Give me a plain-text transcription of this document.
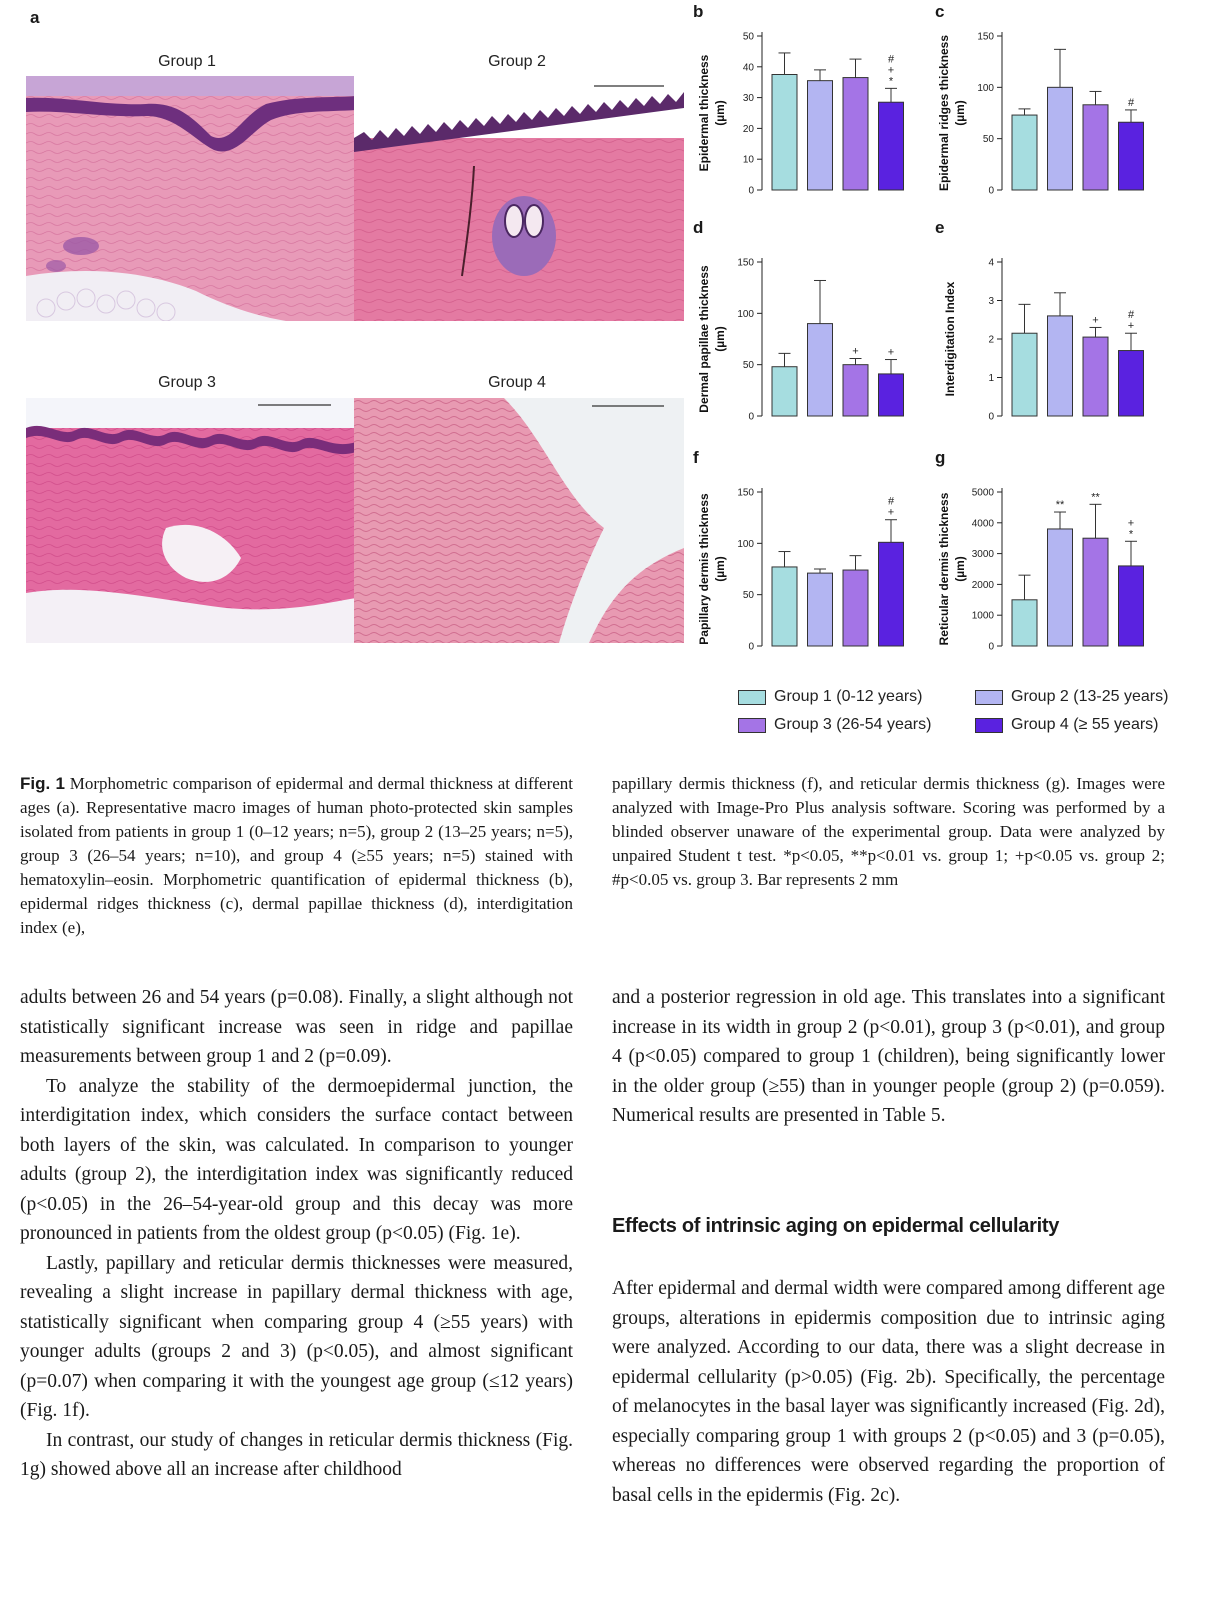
a
Group 1	Group 2
Group 3	Group 4
b
Epidermal thickness (µm)
0
10
20
30
40
50
*
+
#
c
Epidermal ridges thickness (µm)
0
50
100
150
#
d
Dermal papillae thickness (µm)
0
50
100
150
+	+
e
Interdigitation Index
0
1
2
3
4
+	+
#
f
Papillary dermis thickness (µm)
0
50
100
150
+
#
g
Reticular dermis thickness (µm)
0
1000
2000
3000
4000
5000
**
**
*
+
Group 1 (0-12 years)	Group 2 (13-25 years)
Group 3 (26-54 years)	Group 4 (≥ 55 years)
Fig. 1 Morphometric comparison of epidermal and dermal thickness at different ages (a). Representative macro images of human photo-protected skin samples isolated from patients in group 1 (0–12 years; n=5), group 2 (13–25 years; n=5), group 3 (26–54 years; n=10), and group 4 (≥55 years; n=5) stained with hematoxylin–eosin. Morphometric quantification of epidermal thickness (b), epidermal ridges thickness (c), dermal papillae thickness (d), interdigitation index (e),
papillary dermis thickness (f), and reticular dermis thickness (g). Images were analyzed with Image-Pro Plus analysis software. Scoring was performed by a blinded observer unaware of the experimental group. Data were analyzed by unpaired Student t test. *p<0.05, **p<0.01 vs. group 1; +p<0.05 vs. group 2; #p<0.05 vs. group 3. Bar represents 2 mm

adults between 26 and 54 years (p=0.08). Finally, a slight although not statistically significant increase was seen in ridge and papillae measurements between group 1 and 2 (p=0.09).

To analyze the stability of the dermoepidermal junction, the interdigitation index, which considers the surface contact between both layers of the skin, was calculated. In comparison to younger adults (group 2), the interdigitation index was significantly reduced (p<0.05) in the 26–54-year-old group and this decay was more pronounced in patients from the oldest group (p<0.05) (Fig. 1e).

Lastly, papillary and reticular dermis thicknesses were measured, revealing a slight increase in papillary dermal thickness with age, statistically significant when comparing group 4 (≥55 years) with younger adults (groups 2 and 3) (p<0.05), and almost significant (p=0.07) when comparing it with the youngest age group (≤12 years) (Fig. 1f).

In contrast, our study of changes in reticular dermis thickness (Fig. 1g) showed above all an increase after childhood

and a posterior regression in old age. This translates into a significant increase in its width in group 2 (p<0.01), group 3 (p<0.01), and group 4 (p<0.05) compared to group 1 (children), being significantly lower in the older group (≥55) than in younger people (group 2) (p=0.059). Numerical results are presented in Table 5.

Effects of intrinsic aging on epidermal cellularity

After epidermal and dermal width were compared among different age groups, alterations in epidermis composition due to intrinsic aging were analyzed. According to our data, there was a slight decrease in epidermal cellularity (p>0.05) (Fig. 2b). Specifically, the percentage of melanocytes in the basal layer was significantly increased (Fig. 2d), especially comparing group 1 with groups 2 (p<0.05) and 3 (p=0.05), whereas no differences were observed regarding the proportion of basal cells in the epidermis (Fig. 2c).
